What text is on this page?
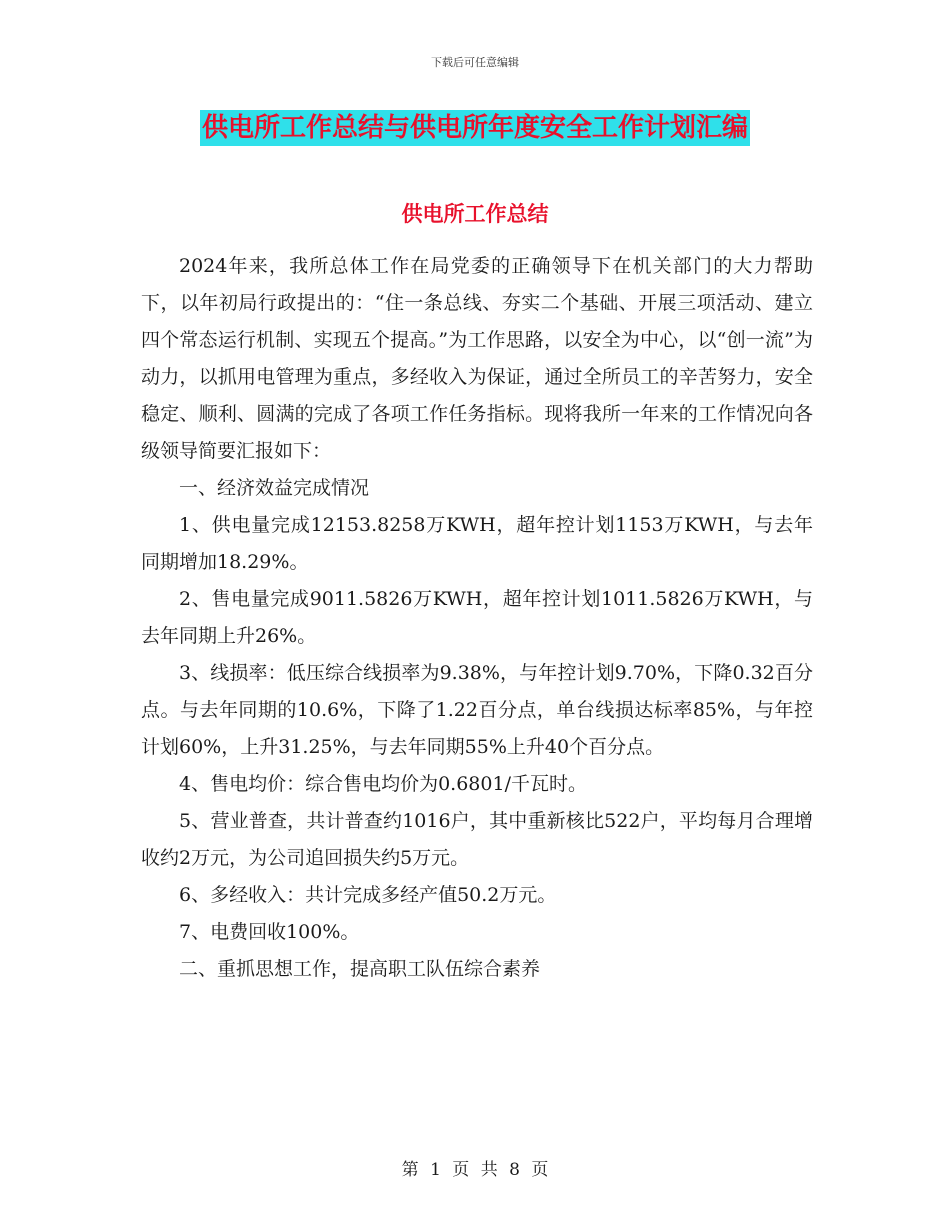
下载后可任意编辑
供电所工作总结与供电所年度安全工作计划汇编
供电所工作总结

2024年来，我所总体工作在局党委的正确领导下在机关部门的大力帮助下，以年初局行政提出的：“住一条总线、夯实二个基础、开展三项活动、建立四个常态运行机制、实现五个提高。”为工作思路，以安全为中心，以“创一流”为动力，以抓用电管理为重点，多经收入为保证，通过全所员工的辛苦努力，安全稳定、顺利、圆满的完成了各项工作任务指标。现将我所一年来的工作情况向各级领导简要汇报如下：

一、经济效益完成情况

1、供电量完成12153.8258万KWH，超年控计划1153万KWH，与去年同期增加18.29%。

2、售电量完成9011.5826万KWH，超年控计划1011.5826万KWH，与去年同期上升26%。

3、线损率：低压综合线损率为9.38%，与年控计划9.70%，下降0.32百分点。与去年同期的10.6%，下降了1.22百分点，单台线损达标率85%，与年控计划60%，上升31.25%，与去年同期55%上升40个百分点。

4、售电均价：综合售电均价为0.6801/千瓦时。

5、营业普查，共计普查约1016户，其中重新核比522户，平均每月合理增收约2万元，为公司追回损失约5万元。

6、多经收入：共计完成多经产值50.2万元。

7、电费回收100%。

二、重抓思想工作，提高职工队伍综合素养

第 1 页 共 8 页
